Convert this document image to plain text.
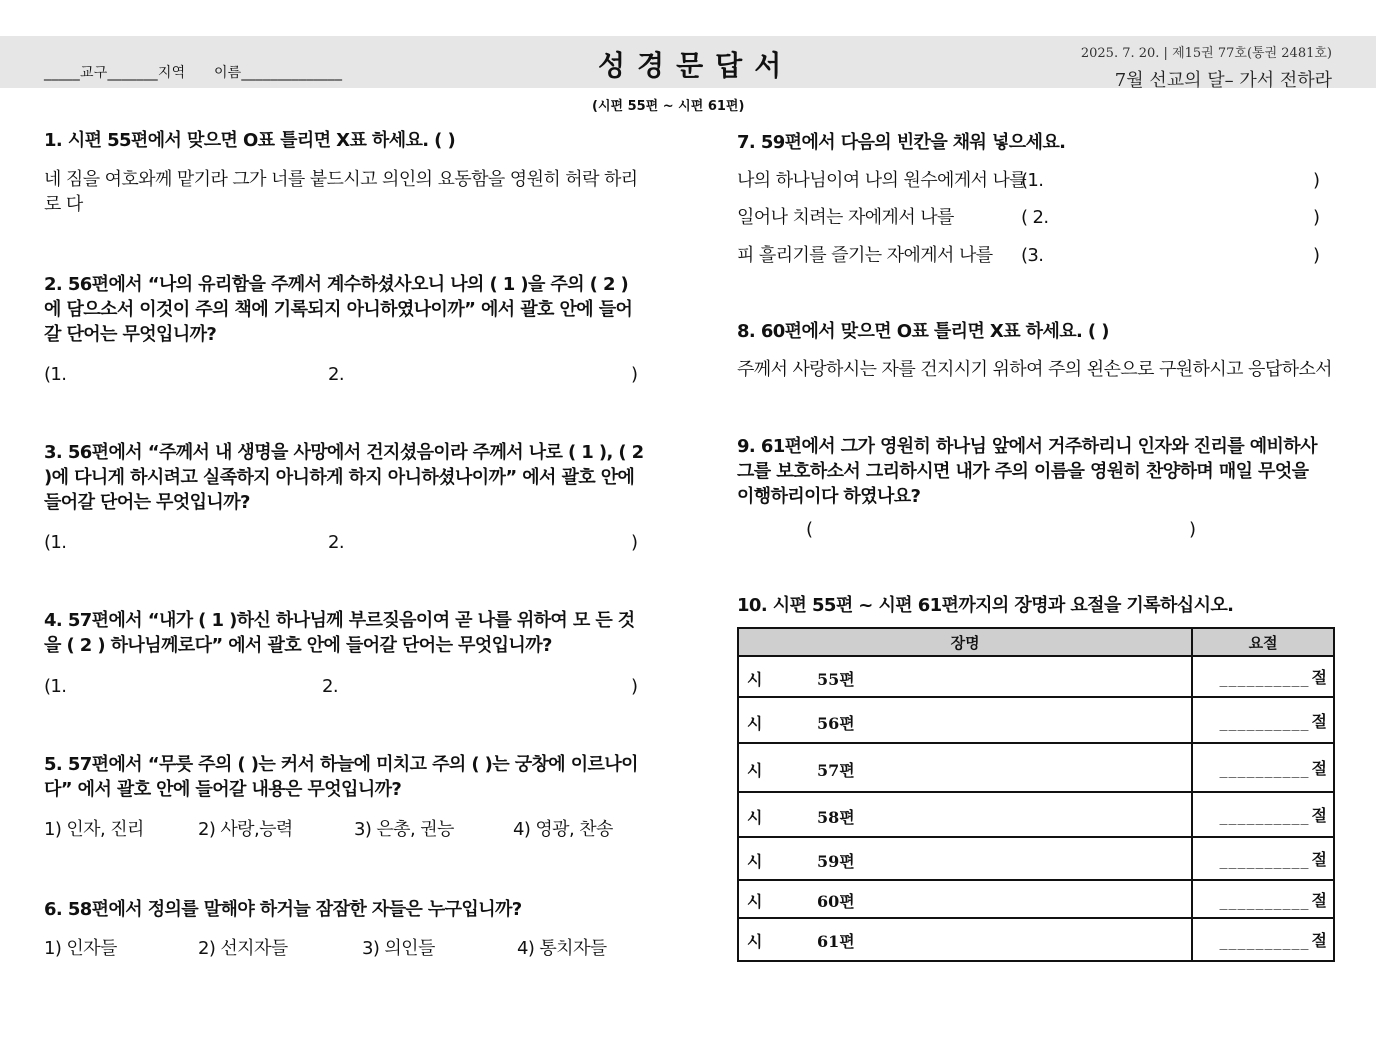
_____교구_______지역 이름______________	성경문답서	2025. 7. 20. | 제15권 77호(통권 2481호)
7월 선교의 달– 가서 전하라
(시편 55편 ~ 시편 61편)
1. 시편 55편에서 맞으면 O표 틀리면 X표 하세요. ( )
네 짐을 여호와께 맡기라 그가 너를 붙드시고 의인의 요동함을 영원히 허락 하리로 다
2. 56편에서 “나의 유리함을 주께서 계수하셨사오니 나의 ( 1 )을 주의 ( 2 )에 담으소서 이것이 주의 책에 기록되지 아니하였나이까” 에서 괄호 안에 들어갈 단어는 무엇입니까?
(1.	2.	)
3. 56편에서 “주께서 내 생명을 사망에서 건지셨음이라 주께서 나로 ( 1 ), ( 2 )에 다니게 하시려고 실족하지 아니하게 하지 아니하셨나이까” 에서 괄호 안에 들어갈 단어는 무엇입니까?
(1.	2.	)
4. 57편에서 “내가 ( 1 )하신 하나님께 부르짖음이여 곧 나를 위하여 모 든 것을 ( 2 ) 하나님께로다” 에서 괄호 안에 들어갈 단어는 무엇입니까?
(1.	2.	)
5. 57편에서 “무릇 주의 ( )는 커서 하늘에 미치고 주의 ( )는 궁창에 이르나이다” 에서 괄호 안에 들어갈 내용은 무엇입니까?
1) 인자, 진리	2) 사랑,능력	3) 은총, 권능	4) 영광, 찬송
6. 58편에서 정의를 말해야 하거늘 잠잠한 자들은 누구입니까?
1) 인자들	2) 선지자들	3) 의인들	4) 통치자들
7. 59편에서 다음의 빈칸을 채워 넣으세요.
나의 하나님이여 나의 원수에게서 나를
(1.	)
일어나 치려는 자에게서 나를	( 2.	)
피 흘리기를 즐기는 자에게서 나를 (3.	)
8. 60편에서 맞으면 O표 틀리면 X표 하세요. ( )
주께서 사랑하시는 자를 건지시기 위하여 주의 왼손으로 구원하시고 응답하소서
9. 61편에서 그가 영원히 하나님 앞에서 거주하리니 인자와 진리를 예비하사 그를 보호하소서 그리하시면 내가 주의 이름을 영원히 찬양하며 매일 무엇을 이행하리이다 하였나요?
(	)
10. 시편 55편 ~ 시편 61편까지의 장명과 요절을 기록하십시오.
장명	요절

시 55편	__________ 절

시 56편	__________ 절

시 57편	__________ 절

시 58편	__________ 절

시 59편	__________ 절

시 60편	__________ 절

시 61편	__________ 절
